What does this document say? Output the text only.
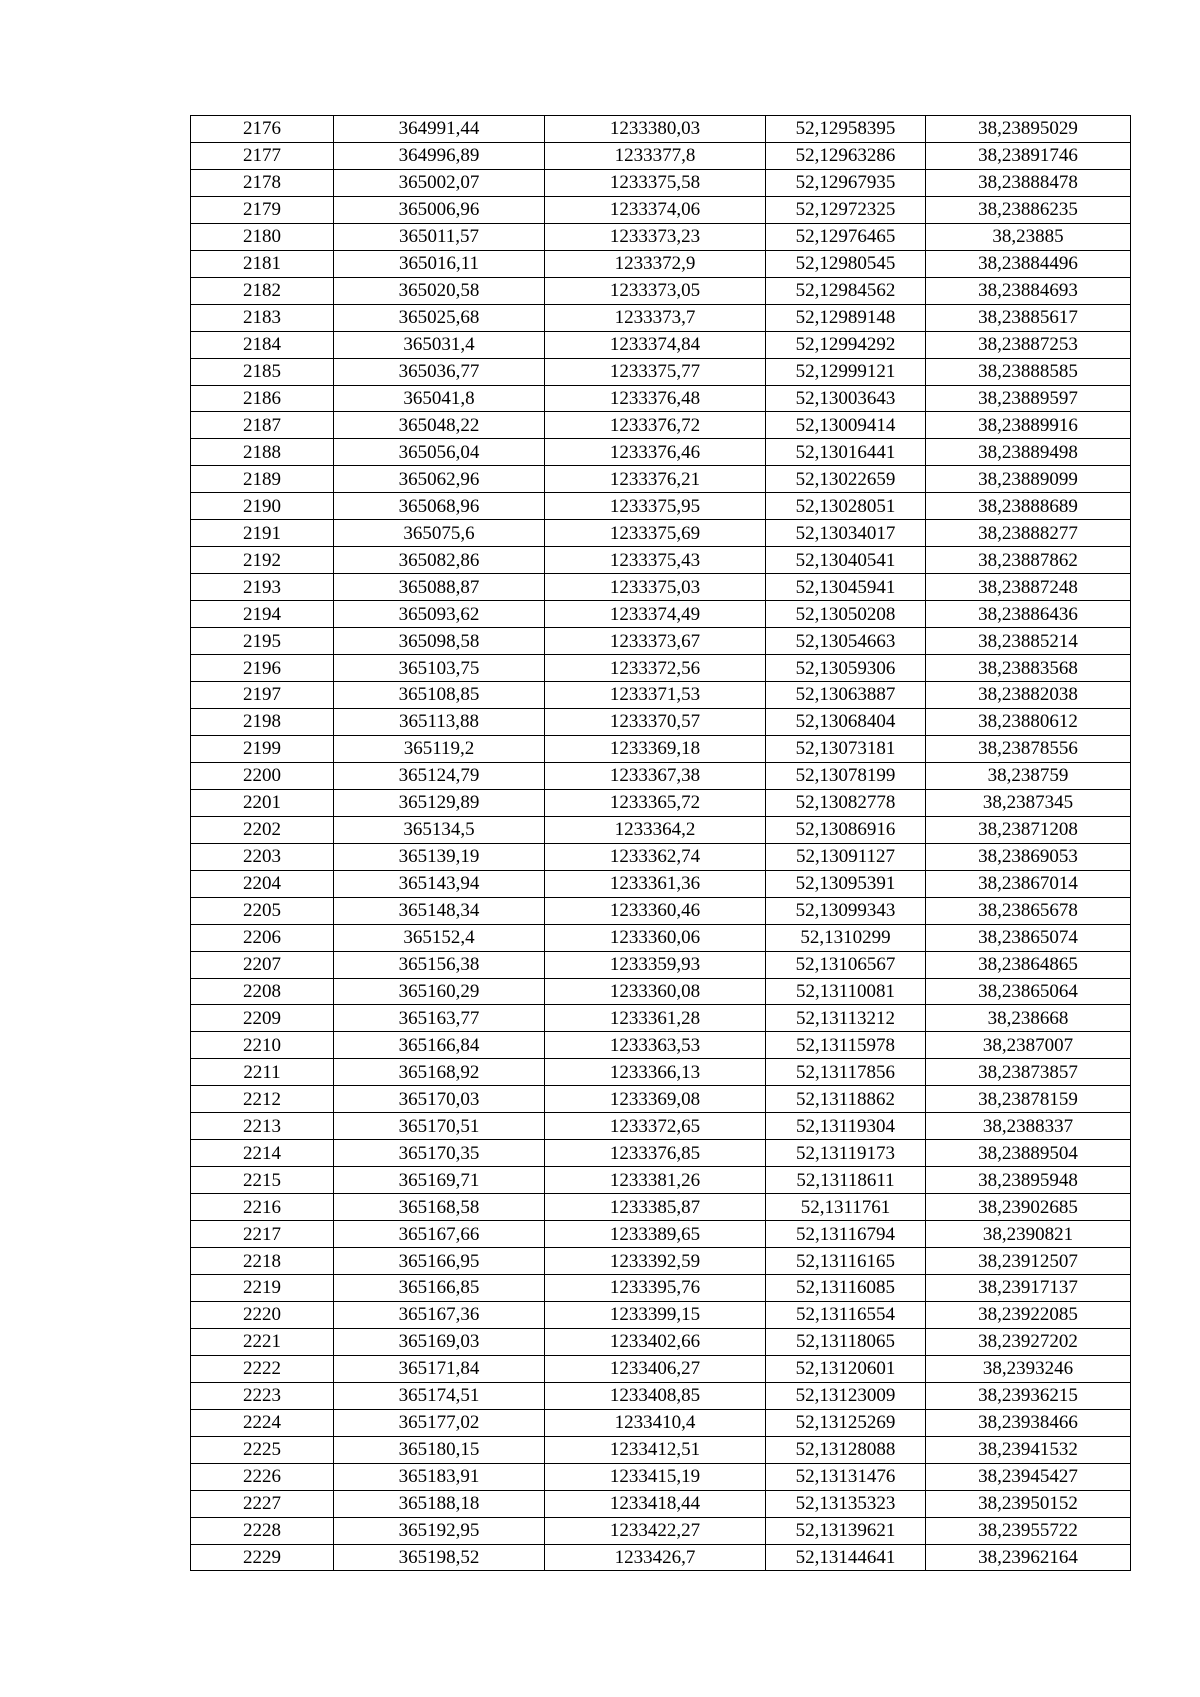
2176	364991,44	1233380,03	52,12958395	38,23895029
2177	364996,89	1233377,8	52,12963286	38,23891746
2178	365002,07	1233375,58	52,12967935	38,23888478
2179	365006,96	1233374,06	52,12972325	38,23886235
2180	365011,57	1233373,23	52,12976465	38,23885
2181	365016,11	1233372,9	52,12980545	38,23884496
2182	365020,58	1233373,05	52,12984562	38,23884693
2183	365025,68	1233373,7	52,12989148	38,23885617
2184	365031,4	1233374,84	52,12994292	38,23887253
2185	365036,77	1233375,77	52,12999121	38,23888585
2186	365041,8	1233376,48	52,13003643	38,23889597
2187	365048,22	1233376,72	52,13009414	38,23889916
2188	365056,04	1233376,46	52,13016441	38,23889498
2189	365062,96	1233376,21	52,13022659	38,23889099
2190	365068,96	1233375,95	52,13028051	38,23888689
2191	365075,6	1233375,69	52,13034017	38,23888277
2192	365082,86	1233375,43	52,13040541	38,23887862
2193	365088,87	1233375,03	52,13045941	38,23887248
2194	365093,62	1233374,49	52,13050208	38,23886436
2195	365098,58	1233373,67	52,13054663	38,23885214
2196	365103,75	1233372,56	52,13059306	38,23883568
2197	365108,85	1233371,53	52,13063887	38,23882038
2198	365113,88	1233370,57	52,13068404	38,23880612
2199	365119,2	1233369,18	52,13073181	38,23878556
2200	365124,79	1233367,38	52,13078199	38,238759
2201	365129,89	1233365,72	52,13082778	38,2387345
2202	365134,5	1233364,2	52,13086916	38,23871208
2203	365139,19	1233362,74	52,13091127	38,23869053
2204	365143,94	1233361,36	52,13095391	38,23867014
2205	365148,34	1233360,46	52,13099343	38,23865678
2206	365152,4	1233360,06	52,1310299	38,23865074
2207	365156,38	1233359,93	52,13106567	38,23864865
2208	365160,29	1233360,08	52,13110081	38,23865064
2209	365163,77	1233361,28	52,13113212	38,238668
2210	365166,84	1233363,53	52,13115978	38,2387007
2211	365168,92	1233366,13	52,13117856	38,23873857
2212	365170,03	1233369,08	52,13118862	38,23878159
2213	365170,51	1233372,65	52,13119304	38,2388337
2214	365170,35	1233376,85	52,13119173	38,23889504
2215	365169,71	1233381,26	52,13118611	38,23895948
2216	365168,58	1233385,87	52,1311761	38,23902685
2217	365167,66	1233389,65	52,13116794	38,2390821
2218	365166,95	1233392,59	52,13116165	38,23912507
2219	365166,85	1233395,76	52,13116085	38,23917137
2220	365167,36	1233399,15	52,13116554	38,23922085
2221	365169,03	1233402,66	52,13118065	38,23927202
2222	365171,84	1233406,27	52,13120601	38,2393246
2223	365174,51	1233408,85	52,13123009	38,23936215
2224	365177,02	1233410,4	52,13125269	38,23938466
2225	365180,15	1233412,51	52,13128088	38,23941532
2226	365183,91	1233415,19	52,13131476	38,23945427
2227	365188,18	1233418,44	52,13135323	38,23950152
2228	365192,95	1233422,27	52,13139621	38,23955722
2229	365198,52	1233426,7	52,13144641	38,23962164
